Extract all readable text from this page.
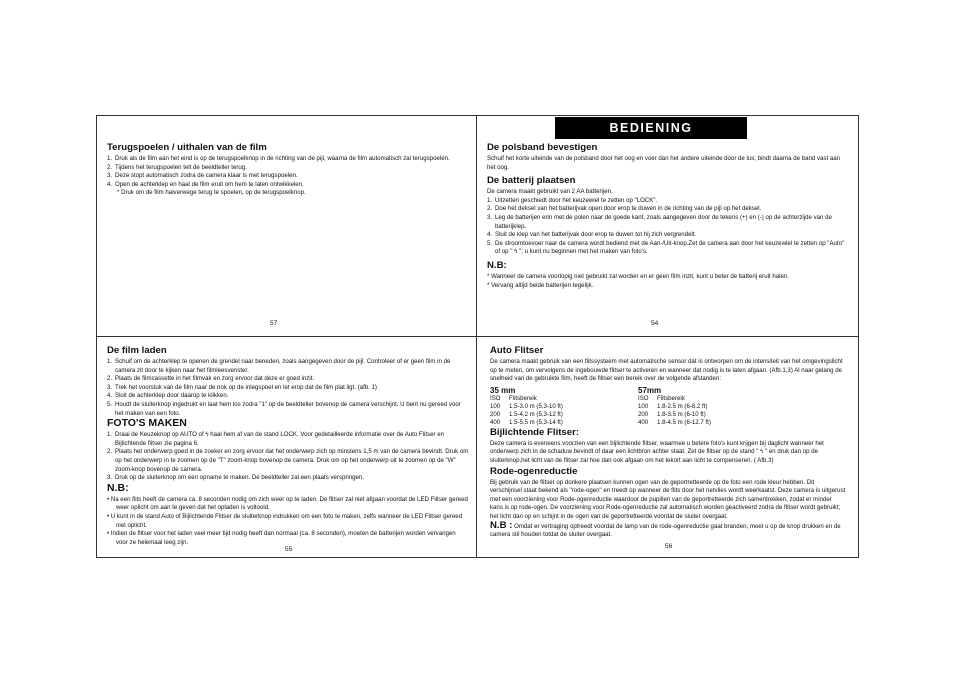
BEDIENING
Terugspoelen / uithalen van de film
1. Druk als de film aan het eind is op de terugspoelknop in de richting van de pijl, waarna de film automatisch zal terugspoelen.
2. Tijdens het terugspoelen telt de beeldteller terug.
3. Deze stopt automatisch zodra de camera klaar is met terugspoelen.
4. Open de achterklep en haal de film eruit om hem te laten ontwikkelen.
* Druk om de film halverwege terug te spoelen, op de terugspoelknop.
57
De polsband bevestigen
Schuif het korte uiteinde van de polsband door het oog en voer dan het andere uiteinde door de lus; bindt daarna de band vast aan het oog.
De batterij plaatsen
De camera maakt gebruikt van 2 AA batterijen.
1. Uitzetten geschiedt door het keuzewiel te zetten op "LOCK".
2. Doe het deksel van het batterijvak open door erop te duwen in de richting van de pijl op het deksel.
3. Leg de batterijen erin met de polen naar de goede kant, zoals aangegeven door de tekens (+) en (-) op de achterzijde van de batterijklep.
4. Sluit de klep van het batterijvak door erop te duwen tot hij zich vergrendelt.
5. De stroomtoevoer naar de camera wordt bediend met de Aan-/Uit-knop.Zet de camera aan door het keuzewiel te zetten op "Auto" of op " ϟ "; u kunt nu beginnen met het maken van foto's.
N.B:
* Wanneer de camera voorlopig niet gebruikt zal worden en er geen film inzit, kunt u beter de batterij eruit halen.
* Vervang altijd beide batterijen tegelijk.
54
De film laden
1. Schuif om de achterklep te openen de grendel naar beneden, zoals aangegeven door de pijl. Controleer of er geen film in de camera zit door te kijken naar het filmleesvenster.
2. Plaats de filmcassette in het filmvak en zorg ervoor dat deze er goed inzit.
3. Trek het voorstuk van de film naar de nok op de inlegspoel en let erop dat de film plat ligt. (afb. 1)
4. Sluit de achterklep door daarop te klikken.
5. Houdt de sluiterknop ingedrukt en laat hem los zodra "1" op de beeldteller bovenop de camera verschijnt. U bent nu gereed voor het maken van een foto.
FOTO'S MAKEN
1. Draai de Keuzeknop op AUTO of ϟ haal hem af van de stand LOCK. Voor gedetailleerde informatie over de Auto Flitser en Bijlichtende flitser zie pagina 6.
2. Plaats het onderwerp goed in de zoeker en zorg ervoor dat het onderwerp zich op minstens 1,5 m van de camera bevindt. Druk om op het onderwerp in te zoomen op de "T" zoom-knop bovenop de camera. Druk om op het onderwerp uit te zoomen op de "W" zoom-knop bovenop de camera.
3. Druk op de sluiterknop om een opname te maken. De beeldteller zal een plaats verspringen.
N.B:
• Na een flits heeft de camera ca. 8 seconden nodig om zich weer op te laden. De flitser zal niet afgaan voordat de LED Flitser gereed weer oplicht om aan te geven dat het opladen is voltooid.
• U kunt in de stand Auto of Bijlichtende Flitser de sluiterknop indrukken om een foto te maken, zelfs wanneer de LED Flitser gereed niet oplicht.
• Indien de flitser voor het laden veel meer tijd nodig heeft dan normaal (ca. 8 seconden), moeten de batterijen worden vervangen voor ze helemaal leeg zijn.
55
Auto Flitser
De camera maakt gebruik van een flitssysteem met automatische sensor dat is ontworpen om de intensiteit van het omgevingslicht op te meten, om vervolgens de ingebouwde flitser te activeren en wanneer dat nodig is te laten afgaan. (Afb.1,3) Al naar gelang de snelheid van de gebruikte film, heeft de flitser een bereik over de volgende afstanden:
35 mm
ISO	Flitsbereik
100	1.5-3.0 m (5.3-10 ft)
200	1.5-4.2 m (5.3-12 ft)
400	1.5-5.5 m (5.3-14 ft)
57mm
ISO	Flitsbereik
100	1.8-2.5 m (6-8.2 ft)
200	1.8-3.5 m (6-10 ft)
400	1.8-4.5 m (6-12.7 ft)
Bijlichtende Flitser:
Deze camera is eveneens voorzien van een bijlichtende flitser, waarmee u betere foto's kunt krijgen bij daglicht wanneer het onderwerp zich in de schaduw bevindt of daar een lichtbron achter staat. Zet de flitser op de stand " ϟ " en druk dan op de sluiterknop,het licht van de flitser zal hoe dan ook afgaan om het tekort aan licht te compenseren. ( Afb.3)
Rode-ogenreductie
Bij gebruik van de flitser op donkere plaatsen kunnen ogen van de geportretteerde op de foto een rode kleur hebben. Dit verschijnsel staat bekend als "rode-ogen" en treedt op wanneer de flits door het netvlies wordt weerkaatst. Deze camera is uitgerust met een voorziening voor Rode-ogenreductie waardoor de pupillen van de geportretteerde zich samentrekken, zodat er minder kans is op rode-ogen. De voorziening voor Rode-ogenreductie zal automatisch worden geactiveerd zodra de flitser wordt gebruikt; het licht dan op en schijnt in de ogen van de geportretteerde voordat de sluiter overgaat.
N.B : Omdat er vertraging optreedt voordat de lamp van de rode-ogenreductie gaat branden, moet u op de knop drukken en de camera stil houden totdat de sluiter overgaat.
56
